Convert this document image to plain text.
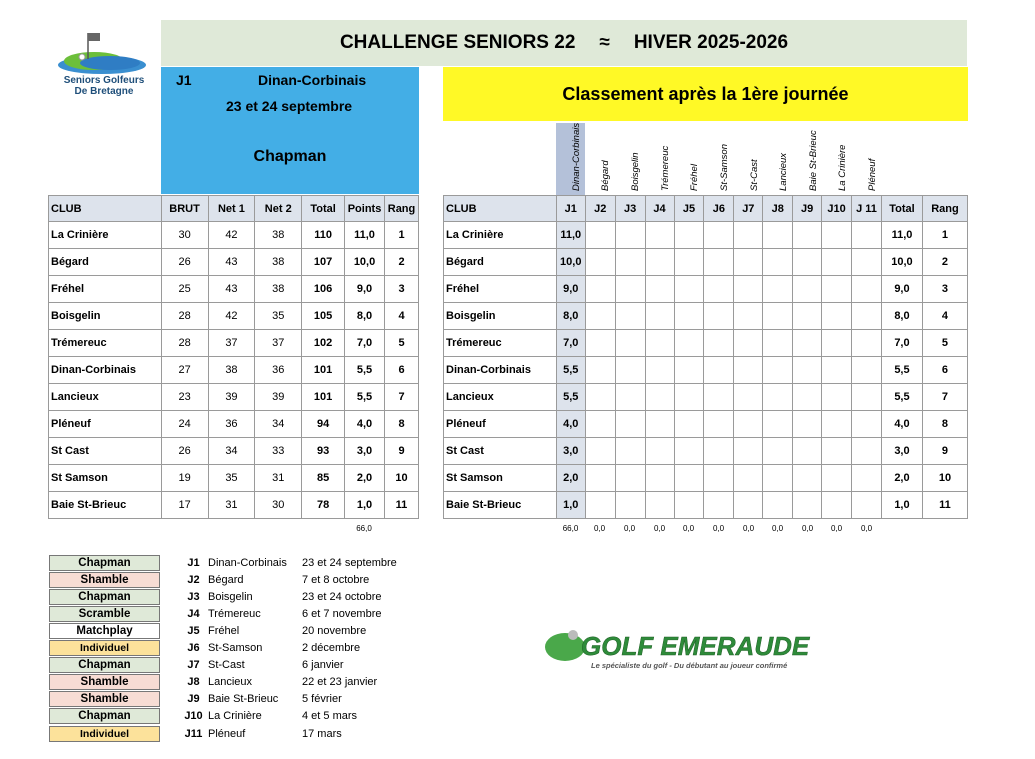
Seniors Golfeurs
De Bretagne
CHALLENGE SENIORS 22 ≈ HIVER 2025-2026
J1	Dinan-Corbinais
23 et 24 septembre
Chapman
Classement après la 1ère journée
CLUB	BRUT	Net 1	Net 2	Total	Points	Rang
La Crinière	30	42	38	110	11,0	1
Bégard	26	43	38	107	10,0	2
Fréhel	25	43	38	106	9,0	3
Boisgelin	28	42	35	105	8,0	4
Trémereuc	28	37	37	102	7,0	5
Dinan-Corbinais	27	38	36	101	5,5	6
Lancieux	23	39	39	101	5,5	7
Pléneuf	24	36	34	94	4,0	8
St Cast	26	34	33	93	3,0	9
St Samson	19	35	31	85	2,0	10
Baie St-Brieuc	17	31	30	78	1,0	11
66,0
Dinan-Corbinais Bégard Boisgelin Trémereuc Fréhel St-Samson St-Cast Lancieux Baie St-Brieuc La Crinière Pléneuf
CLUB	J1	J2	J3	J4	J5	J6	J7	J8	J9	J10	J 11	Total	Rang
La Crinière	11,0											11,0	1
Bégard	10,0											10,0	2
Fréhel	9,0											9,0	3
Boisgelin	8,0											8,0	4
Trémereuc	7,0											7,0	5
Dinan-Corbinais	5,5											5,5	6
Lancieux	5,5											5,5	7
Pléneuf	4,0											4,0	8
St Cast	3,0											3,0	9
St Samson	2,0											2,0	10
Baie St-Brieuc	1,0											1,0	11
66,0	0,0	0,0	0,0	0,0	0,0	0,0	0,0	0,0	0,0	0,0
Chapman	J1 Dinan-Corbinais 23 et 24 septembre
Shamble	J2 Bégard	7 et 8 octobre
Chapman	J3 Boisgelin	23 et 24 octobre
Scramble	J4 Trémereuc	6 et 7 novembre
Matchplay	J5 Fréhel	20 novembre
Individuel	J6 St-Samson	2 décembre
Chapman	J7 St-Cast	6 janvier
Shamble	J8 Lancieux	22 et 23 janvier
Shamble	J9 Baie St-Brieuc 5 février
Chapman	J10 La Crinière	4 et 5 mars
Individuel	J11 Pléneuf	17 mars
GOLF EMERAUDE
Le spécialiste du golf - Du débutant au joueur confirmé
